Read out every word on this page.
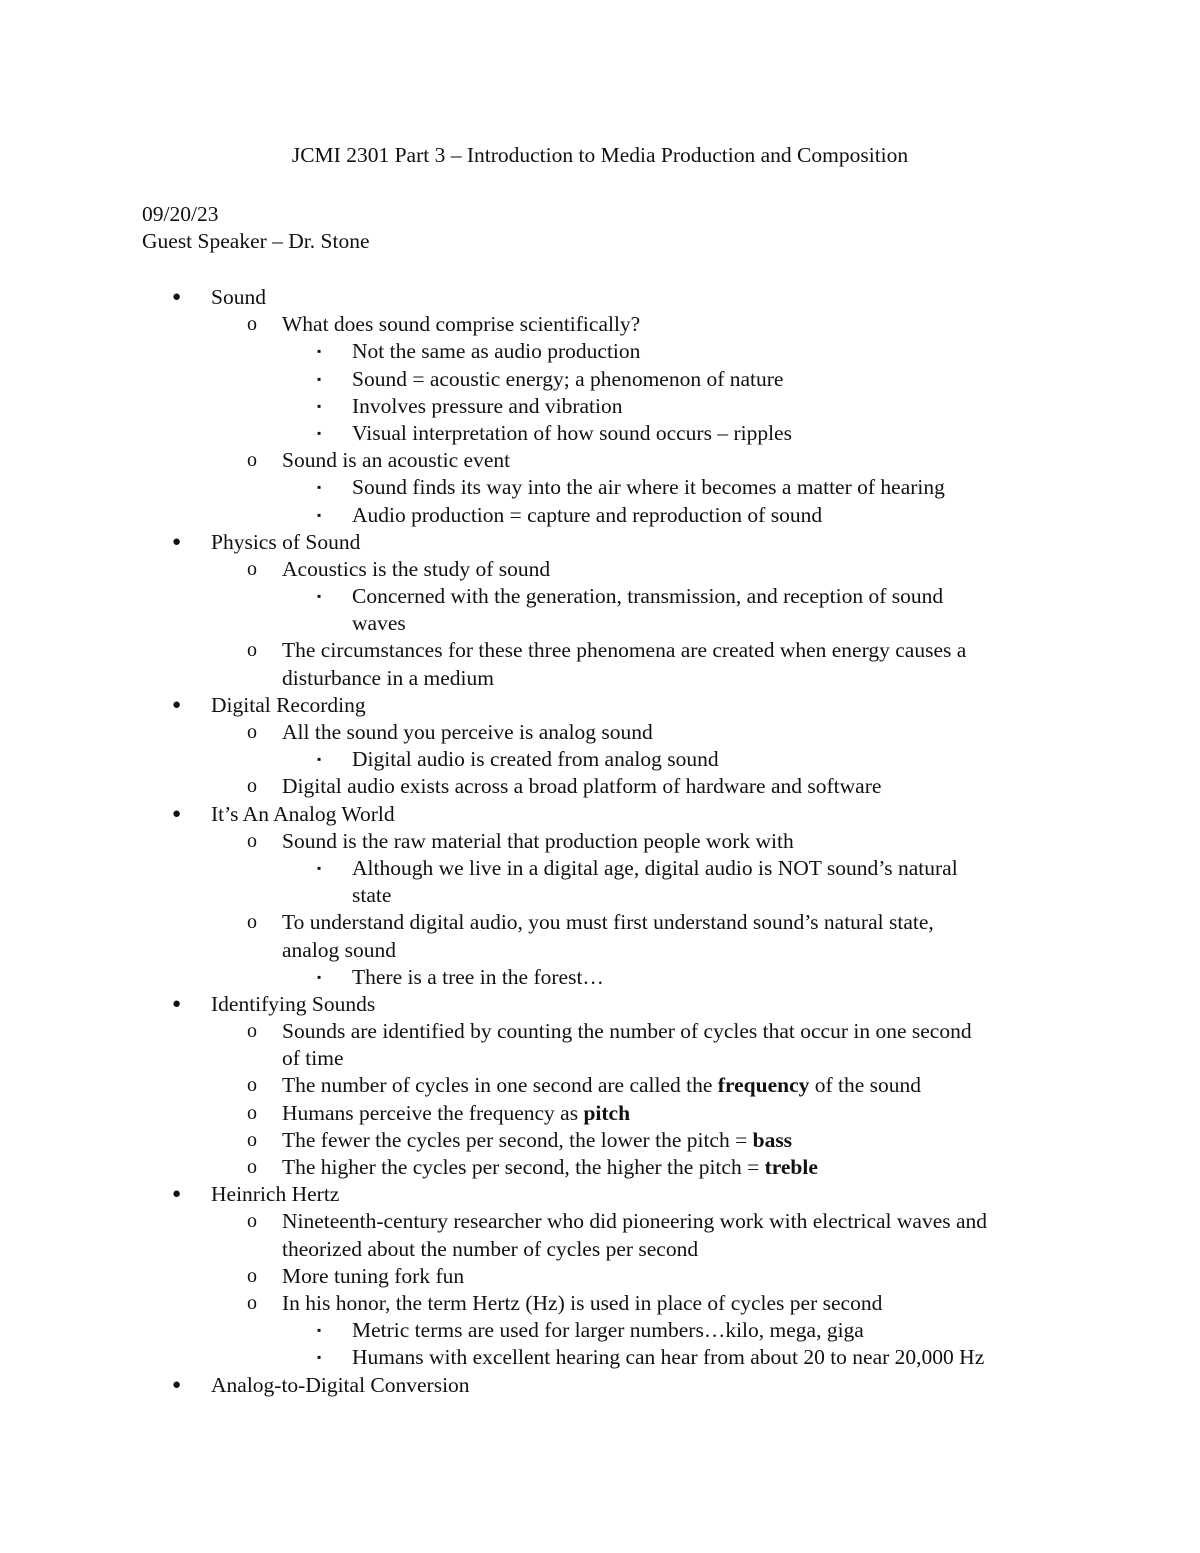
JCMI 2301 Part 3 – Introduction to Media Production and Composition
09/20/23
Guest Speaker – Dr. Stone
● Sound
o What does sound comprise scientifically?
▪ Not the same as audio production
▪ Sound = acoustic energy; a phenomenon of nature
▪ Involves pressure and vibration
▪ Visual interpretation of how sound occurs – ripples
o Sound is an acoustic event
▪ Sound finds its way into the air where it becomes a matter of hearing
▪ Audio production = capture and reproduction of sound
● Physics of Sound
o Acoustics is the study of sound
▪ Concerned with the generation, transmission, and reception of sound
waves
o The circumstances for these three phenomena are created when energy causes a
disturbance in a medium
● Digital Recording
o All the sound you perceive is analog sound
▪ Digital audio is created from analog sound
o Digital audio exists across a broad platform of hardware and software
● It’s An Analog World
o Sound is the raw material that production people work with
▪ Although we live in a digital age, digital audio is NOT sound’s natural
state
o To understand digital audio, you must first understand sound’s natural state,
analog sound
▪ There is a tree in the forest…
● Identifying Sounds
o Sounds are identified by counting the number of cycles that occur in one second
of time
o The number of cycles in one second are called the frequency of the sound
o Humans perceive the frequency as pitch
o The fewer the cycles per second, the lower the pitch = bass
o The higher the cycles per second, the higher the pitch = treble
● Heinrich Hertz
o Nineteenth-century researcher who did pioneering work with electrical waves and
theorized about the number of cycles per second
o More tuning fork fun
o In his honor, the term Hertz (Hz) is used in place of cycles per second
▪ Metric terms are used for larger numbers…kilo, mega, giga
▪ Humans with excellent hearing can hear from about 20 to near 20,000 Hz
● Analog-to-Digital Conversion
